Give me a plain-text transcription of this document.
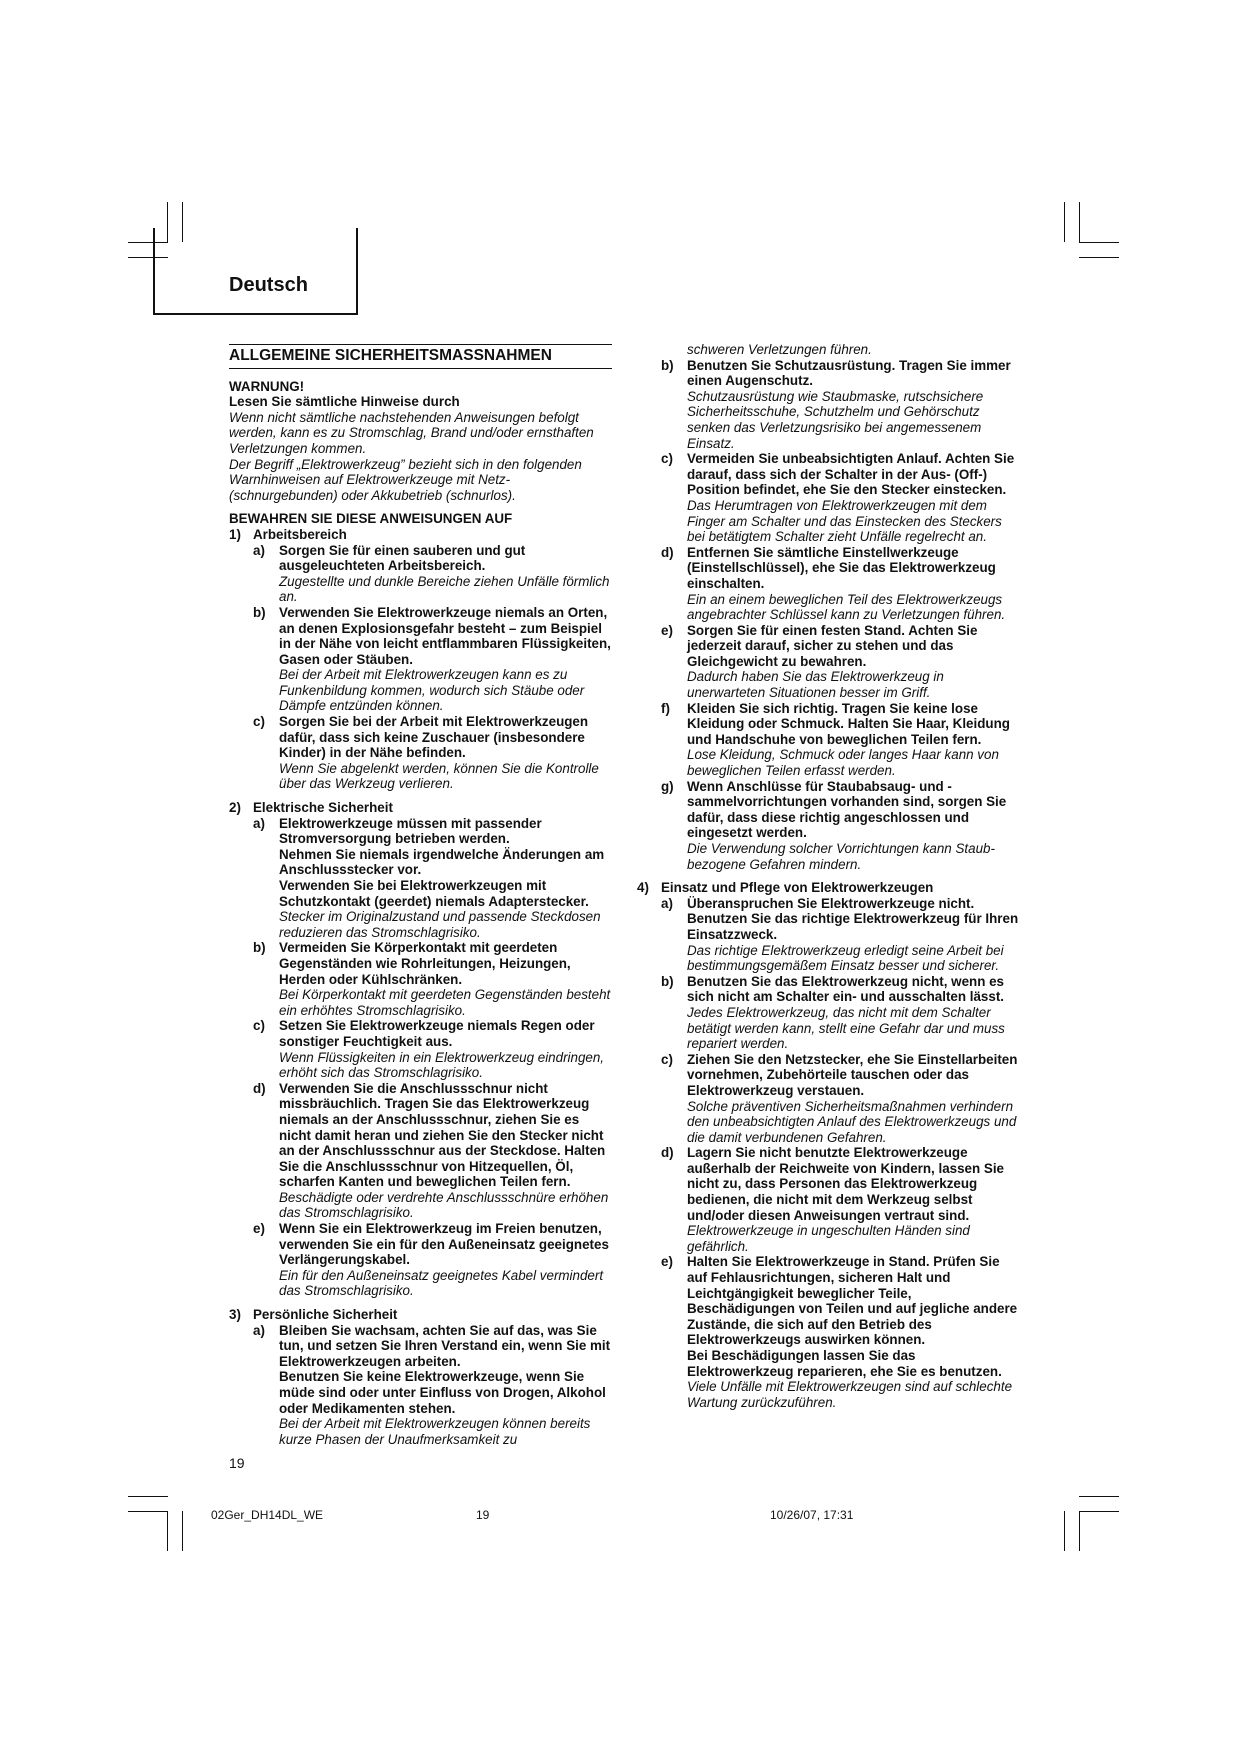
Deutsch
ALLGEMEINE SICHERHEITSMASSNAHMEN

WARNUNG!

Lesen Sie sämtliche Hinweise durch

Wenn nicht sämtliche nachstehenden Anweisungen befolgt werden, kann es zu Stromschlag, Brand und/oder ernsthaften Verletzungen kommen.

Der Begriff „Elektrowerkzeug” bezieht sich in den folgenden Warnhinweisen auf Elektrowerkzeuge mit Netz- (schnurgebunden) oder Akkubetrieb (schnurlos).

BEWAHREN SIE DIESE ANWEISUNGEN AUF

1) Arbeitsbereich
a)	Sorgen Sie für einen sauberen und gut ausgeleuchteten Arbeitsbereich.

Zugestellte und dunkle Bereiche ziehen Unfälle förmlich an.

b) Verwenden Sie Elektrowerkzeuge niemals an Orten, an denen Explosionsgefahr besteht – zum Beispiel in der Nähe von leicht entflammbaren Flüssigkeiten, Gasen oder Stäuben.

Bei der Arbeit mit Elektrowerkzeugen kann es zu Funkenbildung kommen, wodurch sich Stäube oder Dämpfe entzünden können.

c)	Sorgen Sie bei der Arbeit mit Elektrowerkzeugen dafür, dass sich keine Zuschauer (insbesondere Kinder) in der Nähe befinden.

Wenn Sie abgelenkt werden, können Sie die Kontrolle über das Werkzeug verlieren.

2) Elektrische Sicherheit
a)	Elektrowerkzeuge müssen mit passender Stromversorgung betrieben werden.

Nehmen Sie niemals irgendwelche Änderungen am Anschlussstecker vor.

Verwenden Sie bei Elektrowerkzeugen mit Schutzkontakt (geerdet) niemals Adapterstecker.

Stecker im Originalzustand und passende Steckdosen reduzieren das Stromschlagrisiko.

b) Vermeiden Sie Körperkontakt mit geerdeten Gegenständen wie Rohrleitungen, Heizungen, Herden oder Kühlschränken.

Bei Körperkontakt mit geerdeten Gegenständen besteht ein erhöhtes Stromschlagrisiko.

c)	Setzen Sie Elektrowerkzeuge niemals Regen oder sonstiger Feuchtigkeit aus.

Wenn Flüssigkeiten in ein Elektrowerkzeug eindringen, erhöht sich das Stromschlagrisiko.

d) Verwenden Sie die Anschlussschnur nicht missbräuchlich. Tragen Sie das Elektrowerkzeug niemals an der Anschlussschnur, ziehen Sie es nicht damit heran und ziehen Sie den Stecker nicht an der Anschlussschnur aus der Steckdose. Halten Sie die Anschlussschnur von Hitzequellen, Öl, scharfen Kanten und beweglichen Teilen fern.

Beschädigte oder verdrehte Anschlussschnüre erhöhen das Stromschlagrisiko.

e)	Wenn Sie ein Elektrowerkzeug im Freien benutzen, verwenden Sie ein für den Außeneinsatz geeignetes Verlängerungskabel.

Ein für den Außeneinsatz geeignetes Kabel vermindert das Stromschlagrisiko.

3) Persönliche Sicherheit
a)	Bleiben Sie wachsam, achten Sie auf das, was Sie tun, und setzen Sie Ihren Verstand ein, wenn Sie mit Elektrowerkzeugen arbeiten.

Benutzen Sie keine Elektrowerkzeuge, wenn Sie müde sind oder unter Einfluss von Drogen, Alkohol oder Medikamenten stehen.

Bei der Arbeit mit Elektrowerkzeugen können bereits kurze Phasen der Unaufmerksamkeit zu

schweren Verletzungen führen.

b) Benutzen Sie Schutzausrüstung. Tragen Sie immer einen Augenschutz.

Schutzausrüstung wie Staubmaske, rutschsichere Sicherheitsschuhe, Schutzhelm und Gehörschutz senken das Verletzungsrisiko bei angemessenem Einsatz.

c)	Vermeiden Sie unbeabsichtigten Anlauf. Achten Sie darauf, dass sich der Schalter in der Aus- (Off-) Position befindet, ehe Sie den Stecker einstecken.

Das Herumtragen von Elektrowerkzeugen mit dem Finger am Schalter und das Einstecken des Steckers bei betätigtem Schalter zieht Unfälle regelrecht an.

d) Entfernen Sie sämtliche Einstellwerkzeuge (Einstellschlüssel), ehe Sie das Elektrowerkzeug einschalten.

Ein an einem beweglichen Teil des Elektrowerkzeugs angebrachter Schlüssel kann zu Verletzungen führen.

e)	Sorgen Sie für einen festen Stand. Achten Sie jederzeit darauf, sicher zu stehen und das Gleichgewicht zu bewahren.

Dadurch haben Sie das Elektrowerkzeug in unerwarteten Situationen besser im Griff.

f)	Kleiden Sie sich richtig. Tragen Sie keine lose Kleidung oder Schmuck. Halten Sie Haar, Kleidung und Handschuhe von beweglichen Teilen fern.

Lose Kleidung, Schmuck oder langes Haar kann von beweglichen Teilen erfasst werden.

g) Wenn Anschlüsse für Staubabsaug- und -sammelvorrichtungen vorhanden sind, sorgen Sie dafür, dass diese richtig angeschlossen und eingesetzt werden.

Die Verwendung solcher Vorrichtungen kann Staub-bezogene Gefahren mindern.

4) Einsatz und Pflege von Elektrowerkzeugen
a)	Überanspruchen Sie Elektrowerkzeuge nicht. Benutzen Sie das richtige Elektrowerkzeug für Ihren Einsatzzweck.

Das richtige Elektrowerkzeug erledigt seine Arbeit bei bestimmungsgemäßem Einsatz besser und sicherer.

b) Benutzen Sie das Elektrowerkzeug nicht, wenn es sich nicht am Schalter ein- und ausschalten lässt.

Jedes Elektrowerkzeug, das nicht mit dem Schalter betätigt werden kann, stellt eine Gefahr dar und muss repariert werden.

c)	Ziehen Sie den Netzstecker, ehe Sie Einstellarbeiten vornehmen, Zubehörteile tauschen oder das Elektrowerkzeug verstauen.

Solche präventiven Sicherheitsmaßnahmen verhindern den unbeabsichtigten Anlauf des Elektrowerkzeugs und die damit verbundenen Gefahren.

d) Lagern Sie nicht benutzte Elektrowerkzeuge außerhalb der Reichweite von Kindern, lassen Sie nicht zu, dass Personen das Elektrowerkzeug bedienen, die nicht mit dem Werkzeug selbst und/oder diesen Anweisungen vertraut sind.

Elektrowerkzeuge in ungeschulten Händen sind gefährlich.

e)	Halten Sie Elektrowerkzeuge in Stand. Prüfen Sie auf Fehlausrichtungen, sicheren Halt und Leichtgängigkeit beweglicher Teile, Beschädigungen von Teilen und auf jegliche andere Zustände, die sich auf den Betrieb des Elektrowerkzeugs auswirken können.

Bei Beschädigungen lassen Sie das Elektrowerkzeug reparieren, ehe Sie es benutzen.

Viele Unfälle mit Elektrowerkzeugen sind auf schlechte Wartung zurückzuführen.

19
02Ger_DH14DL_WE	19	10/26/07, 17:31
